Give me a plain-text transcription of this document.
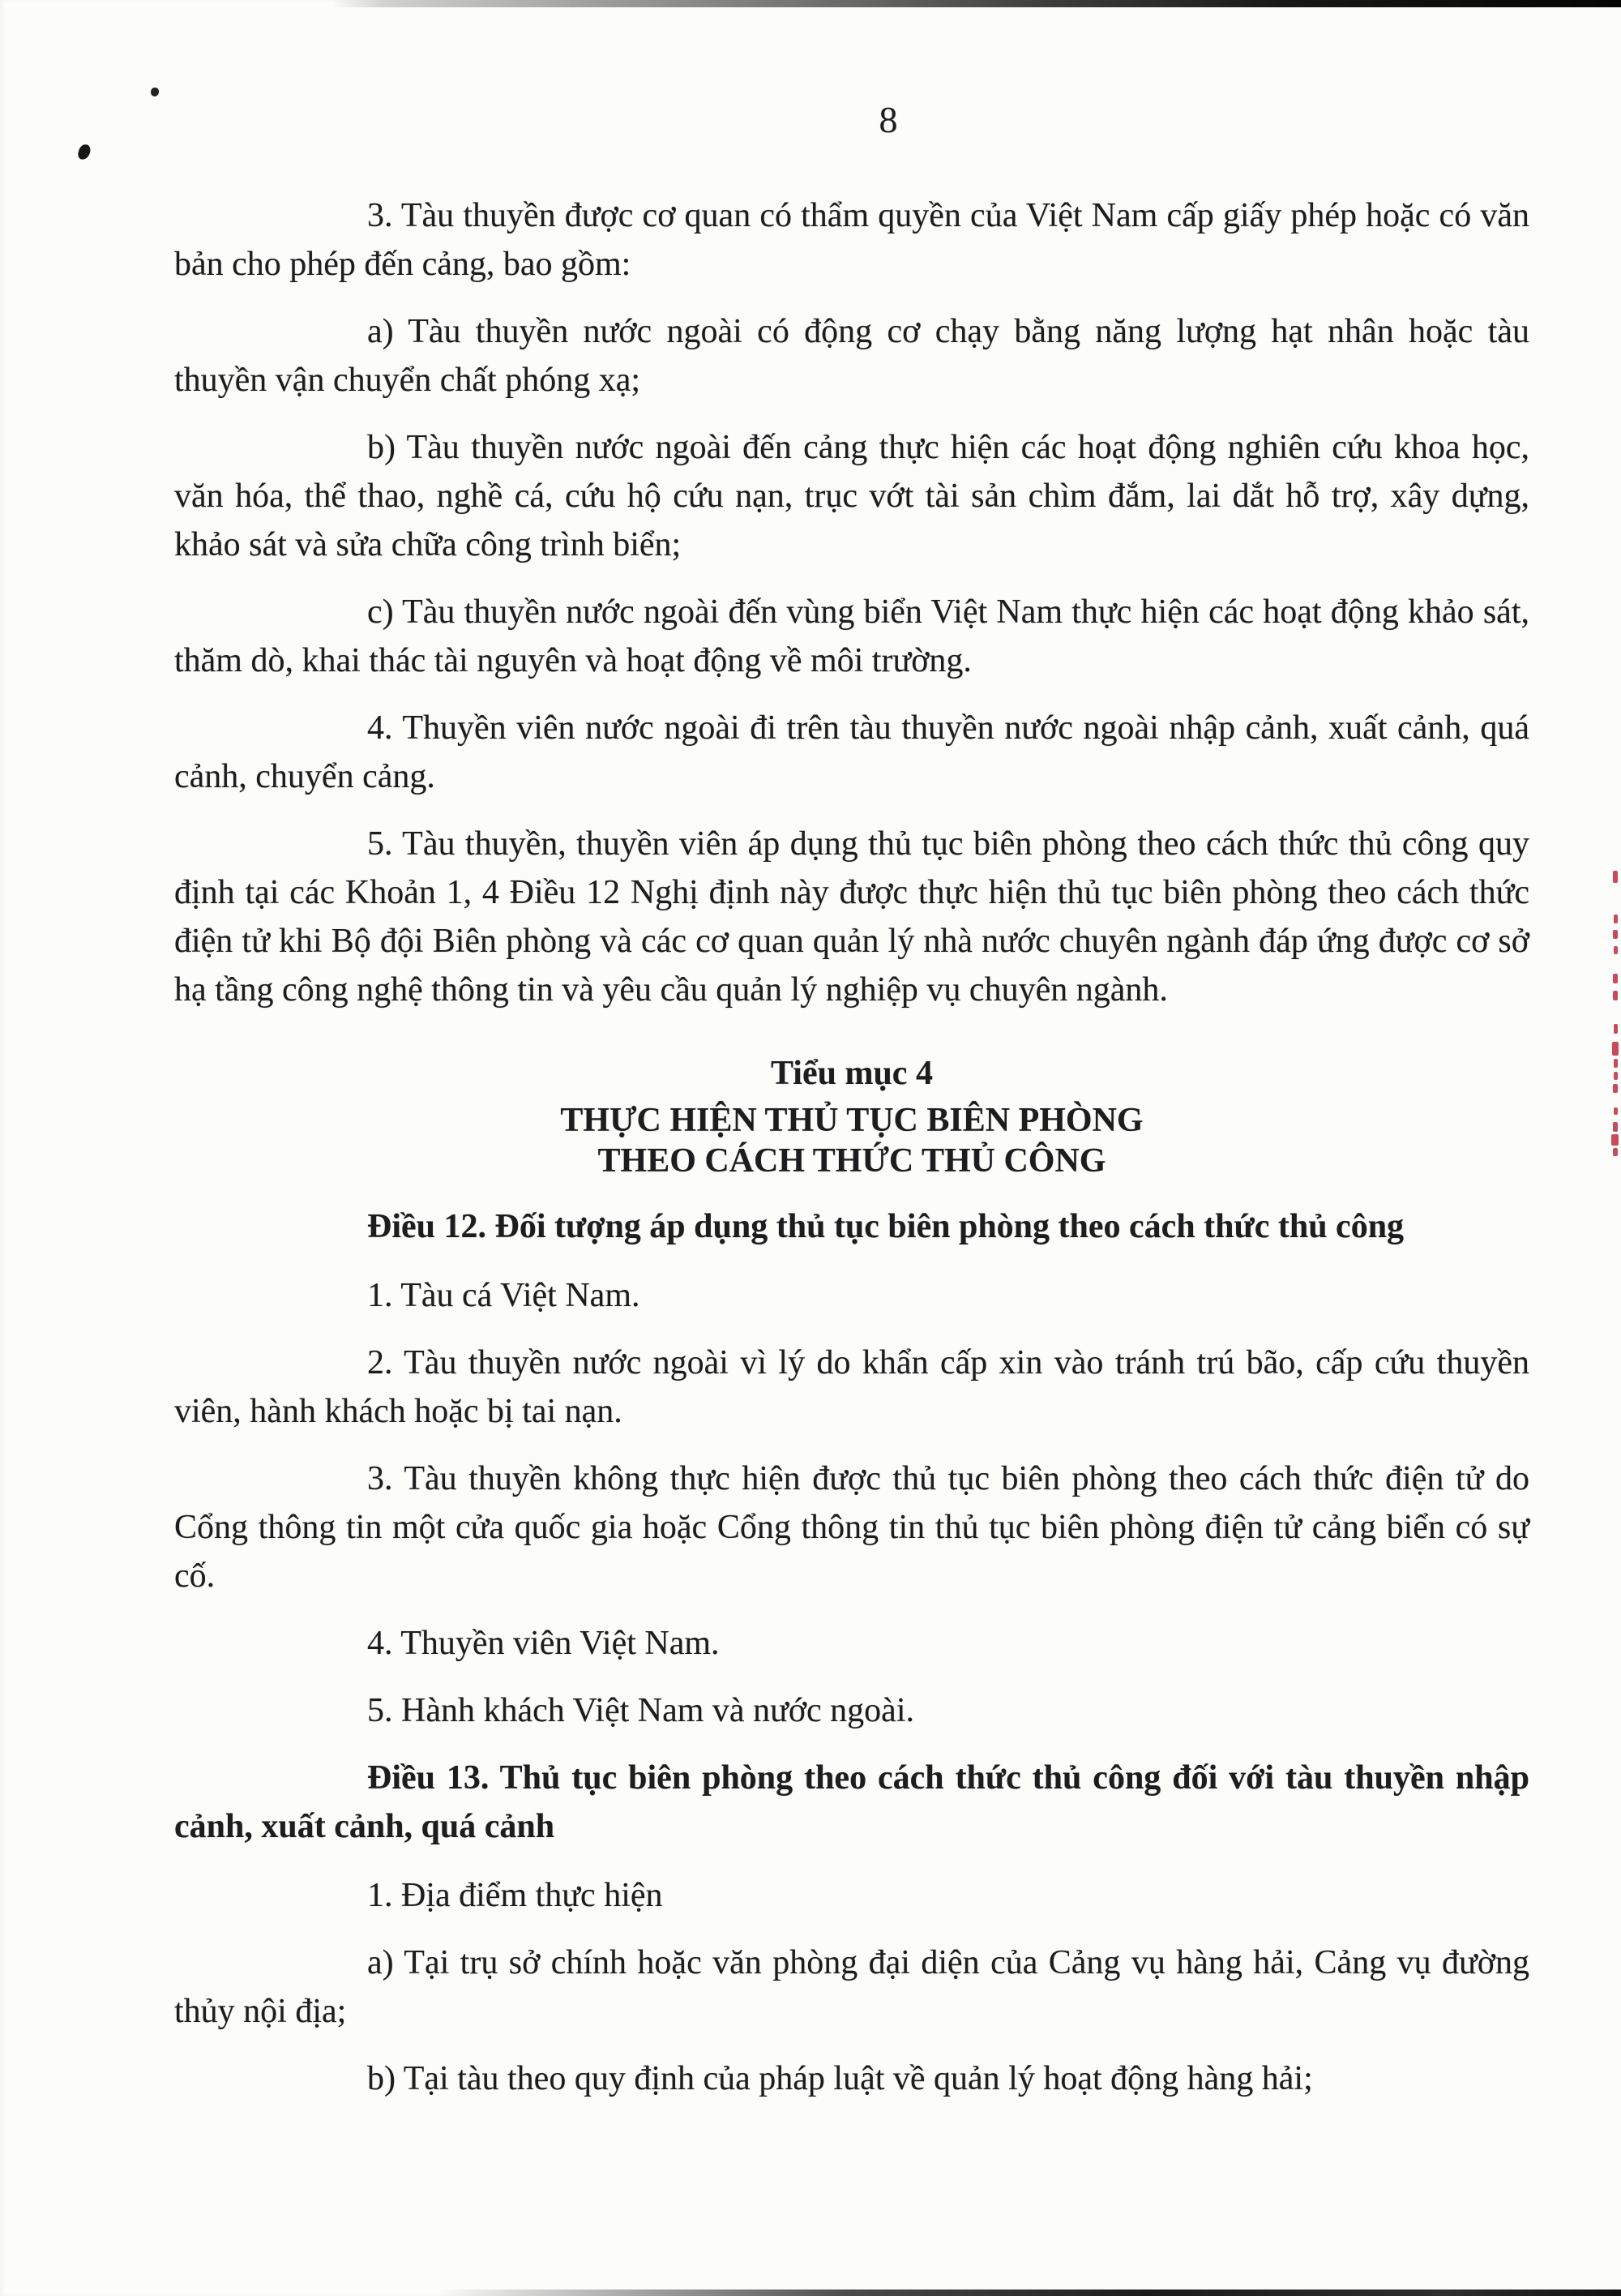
8

3. Tàu thuyền được cơ quan có thẩm quyền của Việt Nam cấp giấy phép hoặc có văn bản cho phép đến cảng, bao gồm:

a) Tàu thuyền nước ngoài có động cơ chạy bằng năng lượng hạt nhân hoặc tàu thuyền vận chuyển chất phóng xạ;

b) Tàu thuyền nước ngoài đến cảng thực hiện các hoạt động nghiên cứu khoa học, văn hóa, thể thao, nghề cá, cứu hộ cứu nạn, trục vớt tài sản chìm đắm, lai dắt hỗ trợ, xây dựng, khảo sát và sửa chữa công trình biển;

c) Tàu thuyền nước ngoài đến vùng biển Việt Nam thực hiện các hoạt động khảo sát, thăm dò, khai thác tài nguyên và hoạt động về môi trường.

4. Thuyền viên nước ngoài đi trên tàu thuyền nước ngoài nhập cảnh, xuất cảnh, quá cảnh, chuyển cảng.

5. Tàu thuyền, thuyền viên áp dụng thủ tục biên phòng theo cách thức thủ công quy định tại các Khoản 1, 4 Điều 12 Nghị định này được thực hiện thủ tục biên phòng theo cách thức điện tử khi Bộ đội Biên phòng và các cơ quan quản lý nhà nước chuyên ngành đáp ứng được cơ sở hạ tầng công nghệ thông tin và yêu cầu quản lý nghiệp vụ chuyên ngành.

Tiểu mục 4
THỰC HIỆN THỦ TỤC BIÊN PHÒNG
THEO CÁCH THỨC THỦ CÔNG

Điều 12. Đối tượng áp dụng thủ tục biên phòng theo cách thức thủ công

1. Tàu cá Việt Nam.

2. Tàu thuyền nước ngoài vì lý do khẩn cấp xin vào tránh trú bão, cấp cứu thuyền viên, hành khách hoặc bị tai nạn.

3. Tàu thuyền không thực hiện được thủ tục biên phòng theo cách thức điện tử do Cổng thông tin một cửa quốc gia hoặc Cổng thông tin thủ tục biên phòng điện tử cảng biển có sự cố.

4. Thuyền viên Việt Nam.

5. Hành khách Việt Nam và nước ngoài.

Điều 13. Thủ tục biên phòng theo cách thức thủ công đối với tàu thuyền nhập cảnh, xuất cảnh, quá cảnh

1. Địa điểm thực hiện

a) Tại trụ sở chính hoặc văn phòng đại diện của Cảng vụ hàng hải, Cảng vụ đường thủy nội địa;

b) Tại tàu theo quy định của pháp luật về quản lý hoạt động hàng hải;
